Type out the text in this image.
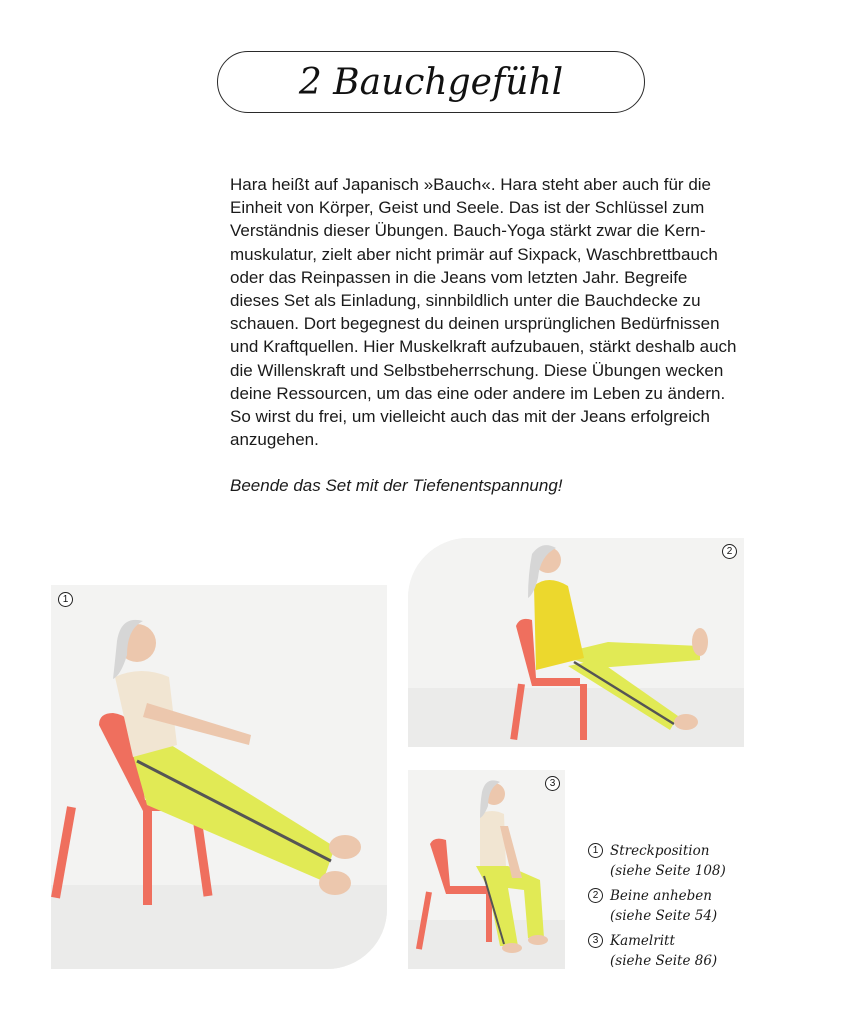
2 Bauchgefühl

Hara heißt auf Japanisch »Bauch«. Hara steht aber auch für die Einheit von Körper, Geist und Seele. Das ist der Schlüssel zum Verständnis dieser Übungen. Bauch-Yoga stärkt zwar die Kernmuskulatur, zielt aber nicht primär auf Sixpack, Waschbrettbauch oder das Reinpassen in die Jeans vom letzten Jahr. Begreife dieses Set als Einladung, sinnbildlich unter die Bauchdecke zu schauen. Dort begegnest du deinen ursprünglichen Bedürfnissen und Kraftquellen. Hier Muskelkraft aufzubauen, stärkt deshalb auch die Willenskraft und Selbstbeherrschung. Diese Übungen wecken deine Ressourcen, um das eine oder andere im Leben zu ändern. So wirst du frei, um vielleicht auch das mit der Jeans erfolgreich anzugehen.

Beende das Set mit der Tiefenentspannung!

1
2
3
1 Streckposition
(siehe Seite 108)
2 Beine anheben
(siehe Seite 54)
3 Kamelritt
(siehe Seite 86)
